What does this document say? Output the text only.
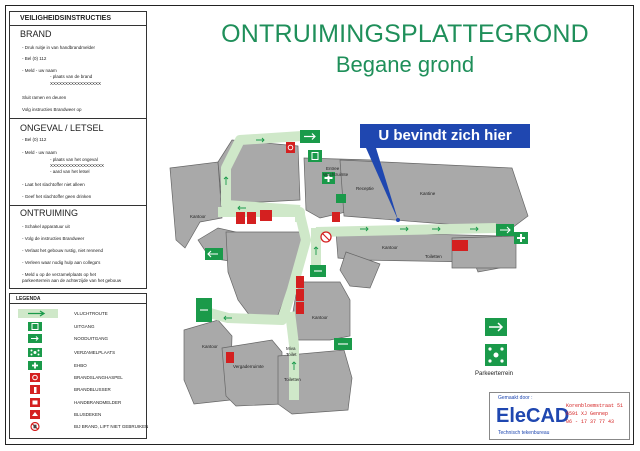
ONTRUIMINGSPLATTEGROND
Begane grond
VEILIGHEIDSINSTRUCTIES
BRAND
- Druk ruitje in van handbrandmelder
- Bel (0) 112
- Meld - uw naam
- plaats van de brand
XXXXXXXXXXXXXXXXX
Sluit ramen en deuren
Volg instructies Brandweer op
ONGEVAL / LETSEL
- Bel (0) 112
- Meld - uw naam
- plaats van het ongeval
XXXXXXXXXXXXXXXXXX
- aard van het letsel
- Laat het slachtoffer niet alleen
- Geef het slachtoffer geen drinken
ONTRUIMING
- Schakel apparatuur uit
- Volg de instructies Brandweer
- Verlaat het gebouw rustig, niet rennend
- Verleen waar nodig hulp aan collega's
- Meld u op de verzamelplaats op het
parkeerterrein aan de achterzijde van het gebouw
LEGENDA
VLUCHTROUTE
UITGANG
NOODUITGANG
VERZAMELPLAATS
EHBO
BRANDSLANGHASPEL
BRANDBLUSSER
HANDBRANDMELDER
BLUSDEKEN
BIJ BRAND, LIFT NIET GEBRUIKEN
Kantoor
Entree
Wachtruimte
Receptie
Kantine
Kantoor
Toiletten
Kantoor
Kantoor
Vergaderruimte
Miva
Toilet
Toiletten
U bevindt zich hier
Parkeerterrein
Gemaakt door :
EleCAD
Technisch tekenbureau
Korenbloemstraat 51
6591 XJ Gennep
06 - 17 37 77 43
